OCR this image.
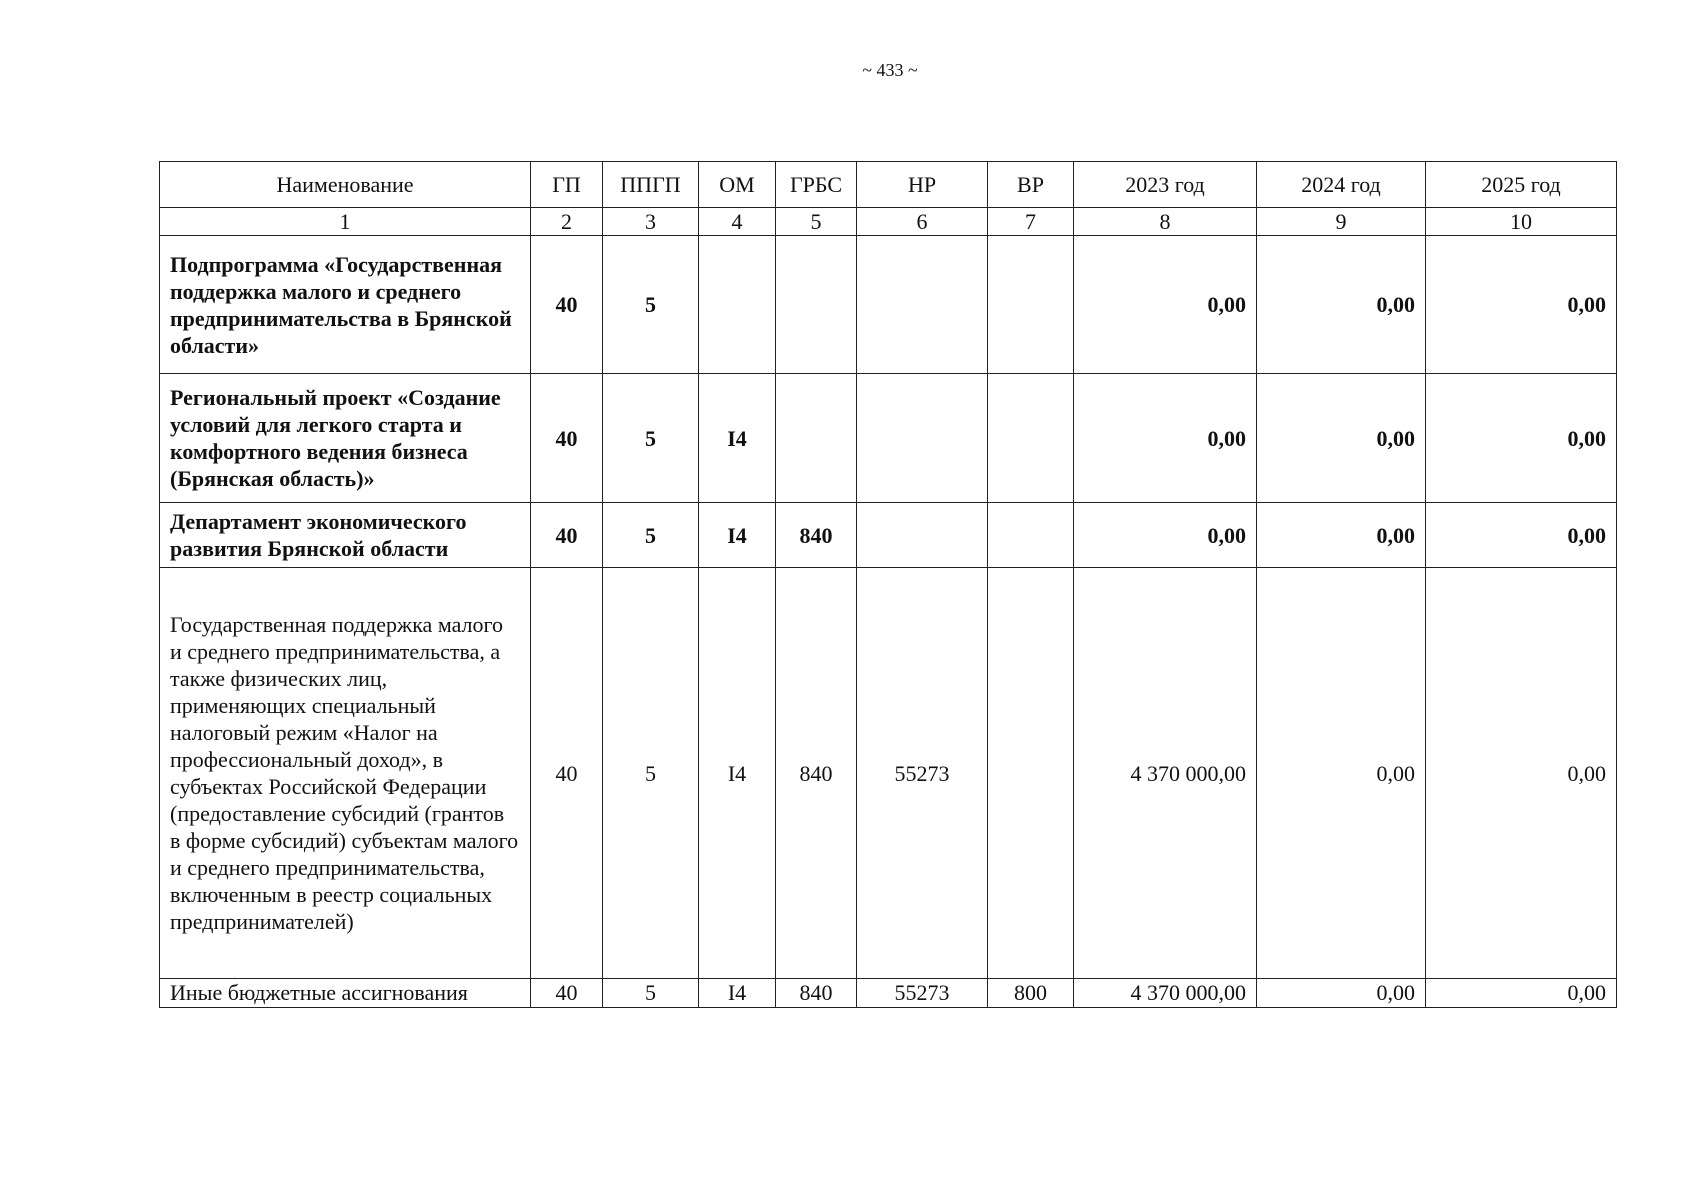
~ 433 ~
Наименование	ГП	ППГП	ОМ	ГРБС	НР	ВР	2023 год	2024 год	2025 год
1	2	3	4	5	6	7	8	9	10
Подпрограмма «Государственная поддержка малого и среднего предпринимательства в Брянской области»	40	5					0,00	0,00	0,00
Региональный проект «Создание условий для легкого старта и комфортного ведения бизнеса (Брянская область)»	40	5	I4				0,00	0,00	0,00
Департамент экономического развития Брянской области	40	5	I4	840			0,00	0,00	0,00
Государственная поддержка малого и среднего предпринимательства, а также физических лиц, применяющих специальный налоговый режим «Налог на профессиональный доход», в субъектах Российской Федерации (предоставление субсидий (грантов в форме субсидий) субъектам малого и среднего предпринимательства, включенным в реестр социальных предпринимателей)	40	5	I4	840	55273		4 370 000,00	0,00	0,00
Иные бюджетные ассигнования	40	5	I4	840	55273	800	4 370 000,00	0,00	0,00
